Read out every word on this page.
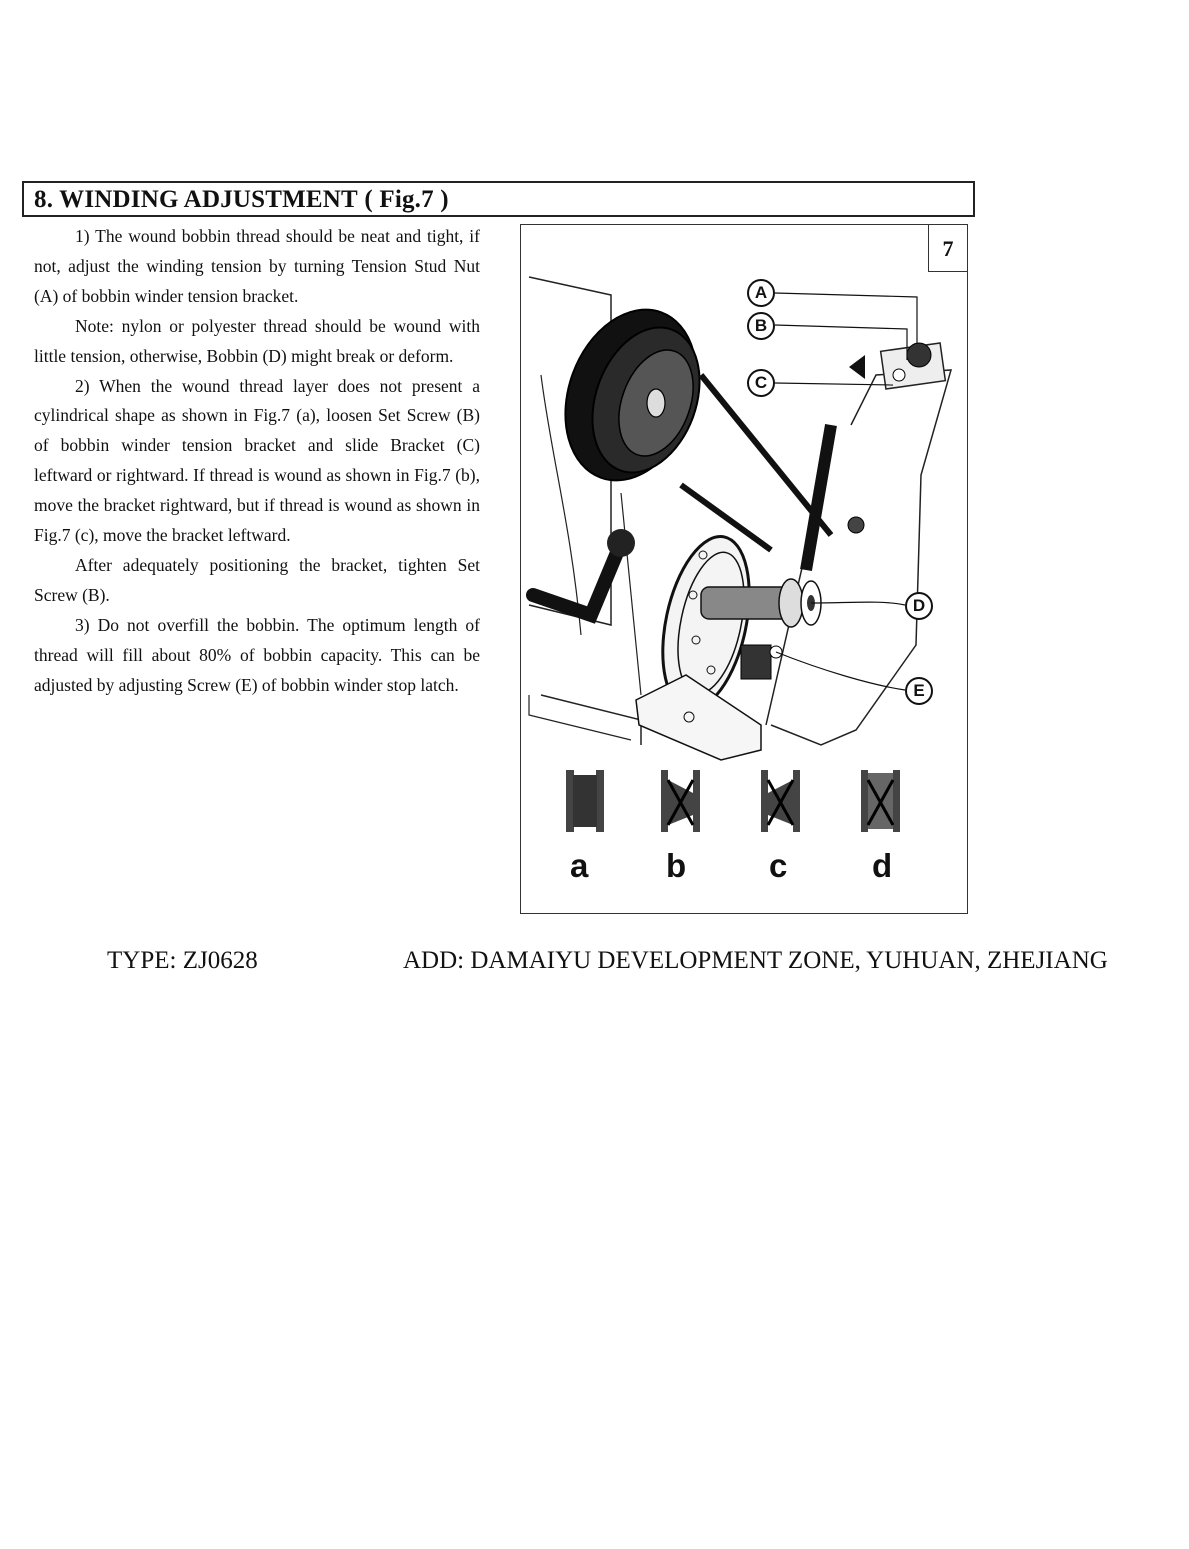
8. WINDING ADJUSTMENT ( Fig.7 )

1) The wound bobbin thread should be neat and tight, if not, adjust the winding tension by turning Tension Stud Nut (A) of bobbin winder tension bracket.

Note: nylon or polyester thread should be wound with little tension, otherwise, Bobbin (D) might break or deform.

2) When the wound thread layer does not present a cylindrical shape as shown in Fig.7 (a), loosen Set Screw (B) of bobbin winder tension bracket and slide Bracket (C) leftward or rightward. If thread is wound as shown in Fig.7 (b), move the bracket rightward, but if thread is wound as shown in Fig.7 (c), move the bracket leftward.

After adequately positioning the bracket, tighten Set Screw (B).

3) Do not overfill the bobbin. The optimum length of thread will fill about 80% of bobbin capacity. This can be adjusted by adjusting Screw (E) of bobbin winder stop latch.

7
A
B
C
D
E
a b	c	d
TYPE: ZJ0628	ADD: DAMAIYU DEVELOPMENT ZONE, YUHUAN, ZHEJIANG
